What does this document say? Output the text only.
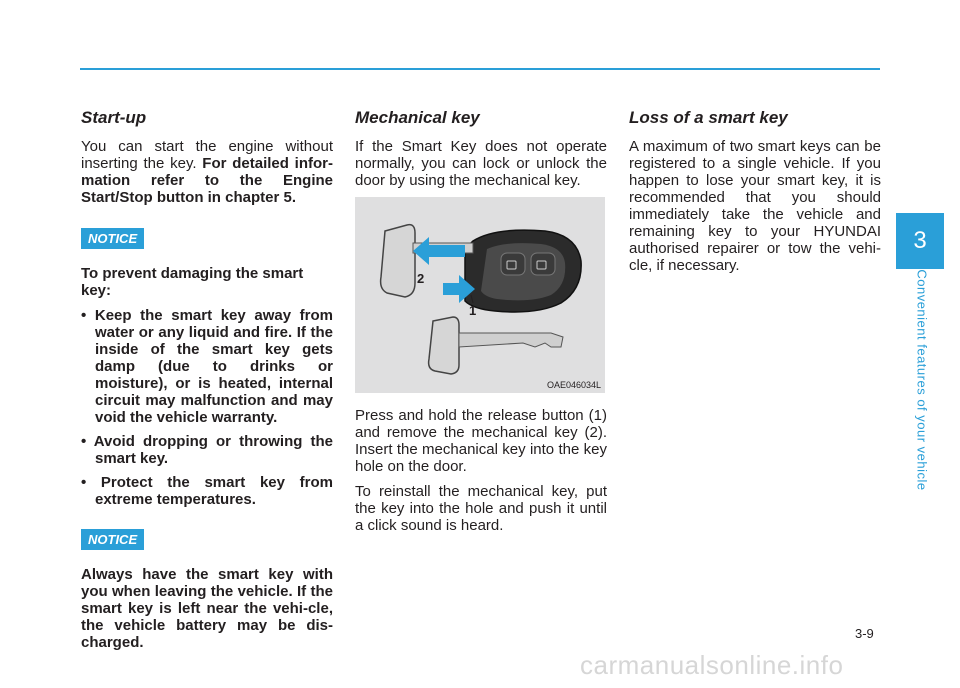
Start-up

You can start the engine without inserting the key. For detailed infor-mation refer to the Engine Start/Stop button in chapter 5.

NOTICE

To prevent damaging the smart key:

• Keep the smart key away from water or any liquid and fire. If the inside of the smart key gets damp (due to drinks or moisture), or is heated, internal circuit may malfunction and may void the vehicle warranty.
• Avoid dropping or throwing the smart key.
• Protect the smart key from extreme temperatures.
NOTICE

Always have the smart key with you when leaving the vehicle. If the smart key is left near the vehi-cle, the vehicle battery may be dis-charged.

Mechanical key

If the Smart Key does not operate normally, you can lock or unlock the door by using the mechanical key.

2
1
OAE046034L

Press and hold the release button (1) and remove the mechanical key (2). Insert the mechanical key into the key hole on the door.

To reinstall the mechanical key, put the key into the hole and push it until a click sound is heard.

Loss of a smart key

A maximum of two smart keys can be registered to a single vehicle. If you happen to lose your smart key, it is recommended that you should immediately take the vehicle and remaining key to your HYUNDAI authorised repairer or tow the vehi-cle, if necessary.

3
Convenient features of your vehicle
3-9
carmanualsonline.info
